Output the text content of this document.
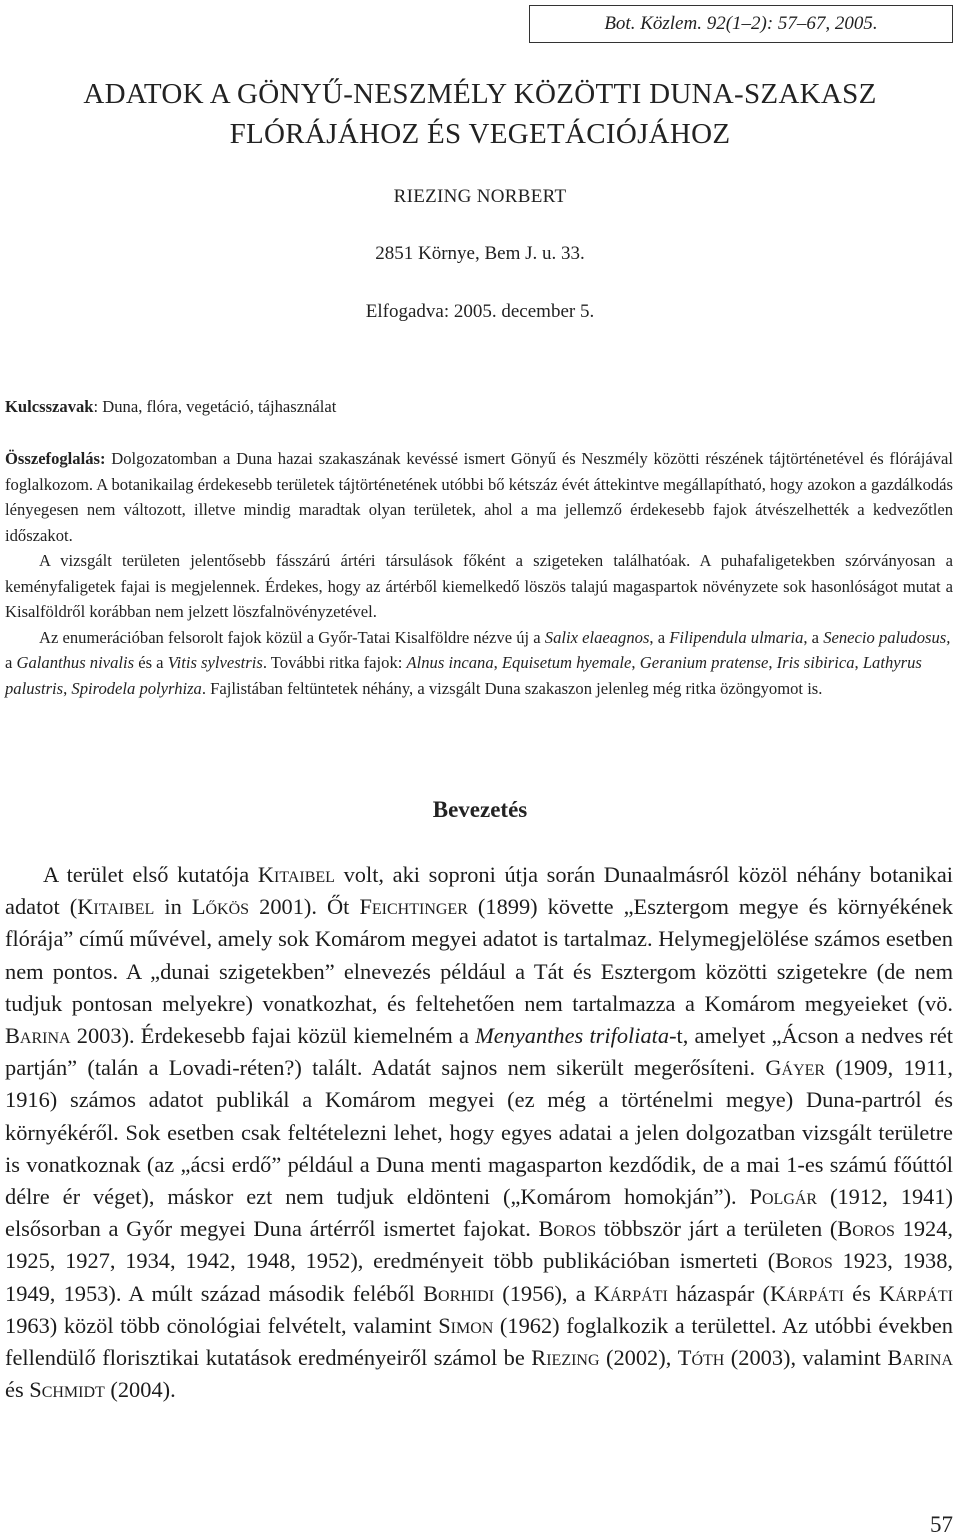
Bot. Közlem. 92(1–2): 57–67, 2005.
ADATOK A GÖNYŰ-NESZMÉLY KÖZÖTTI DUNA-SZAKASZ
FLÓRÁJÁHOZ ÉS VEGETÁCIÓJÁHOZ
RIEZING NORBERT
2851 Környe, Bem J. u. 33.
Elfogadva: 2005. december 5.
Kulcsszavak: Duna, flóra, vegetáció, tájhasználat

Összefoglalás: Dolgozatomban a Duna hazai szakaszának kevéssé ismert Gönyű és Neszmély közötti részének tájtörténetével és flórájával foglalkozom. A botanikailag érdekesebb területek tájtörténetének utóbbi bő kétszáz évét áttekintve megállapítható, hogy azokon a gazdálkodás lényegesen nem változott, illetve mindig maradtak olyan területek, ahol a ma jellemző érdekesebb fajok átvészelhették a kedvezőtlen időszakot.

A vizsgált területen jelentősebb fásszárú ártéri társulások főként a szigeteken találhatóak. A puhafaligetekben szórványosan a keményfaligetek fajai is megjelennek. Érdekes, hogy az ártérből kiemelkedő löszös talajú magaspartok növényzete sok hasonlóságot mutat a Kisalföldről korábban nem jelzett löszfalnövényzetével.

Az enumerációban felsorolt fajok közül a Győr-Tatai Kisalföldre nézve új a Salix elaeagnos, a Filipendula ulmaria, a Senecio paludosus, a Galanthus nivalis és a Vitis sylvestris. További ritka fajok: Alnus incana, Equisetum hyemale, Geranium pratense, Iris sibirica, Lathyrus palustris, Spirodela polyrhiza. Fajlistában feltüntetek néhány, a vizsgált Duna szakaszon jelenleg még ritka özöngyomot is.

Bevezetés

A terület első kutatója Kitaibel volt, aki soproni útja során Dunaalmásról közöl néhány botanikai adatot (Kitaibel in Lőkös 2001). Őt Feichtinger (1899) követte „Esztergom megye és környékének flórája” című művével, amely sok Komárom megyei adatot is tartalmaz. Helymegjelölése számos esetben nem pontos. A „dunai szigetekben” elnevezés például a Tát és Esztergom közötti szigetekre (de nem tudjuk pontosan melyekre) vonatkozhat, és feltehetően nem tartalmazza a Komárom megyeieket (vö. Barina 2003). Érdekesebb fajai közül kiemelném a Menyanthes trifoliata-t, amelyet „Ácson a nedves rét partján” (talán a Lovadi-réten?) talált. Adatát sajnos nem sikerült megerősíteni. Gáyer (1909, 1911, 1916) számos adatot publikál a Komárom megyei (ez még a történelmi megye) Duna-partról és környékéről. Sok esetben csak feltételezni lehet, hogy egyes adatai a jelen dolgozatban vizsgált területre is vonatkoznak (az „ácsi erdő” például a Duna menti magasparton kezdődik, de a mai 1-es számú főúttól délre ér véget), máskor ezt nem tudjuk eldönteni („Komárom homokján”). Polgár (1912, 1941) elsősorban a Győr megyei Duna ártérről ismertet fajokat. Boros többször járt a területen (Boros 1924, 1925, 1927, 1934, 1942, 1948, 1952), eredményeit több publikációban ismerteti (Boros 1923, 1938, 1949, 1953). A múlt század második feléből Borhidi (1956), a Kárpáti házaspár (Kárpáti és Kárpáti 1963) közöl több cönológiai felvételt, valamint Simon (1962) foglalkozik a területtel. Az utóbbi években fellendülő florisztikai kutatások eredményeiről számol be Riezing (2002), Tóth (2003), valamint Barina és Schmidt (2004).

57
